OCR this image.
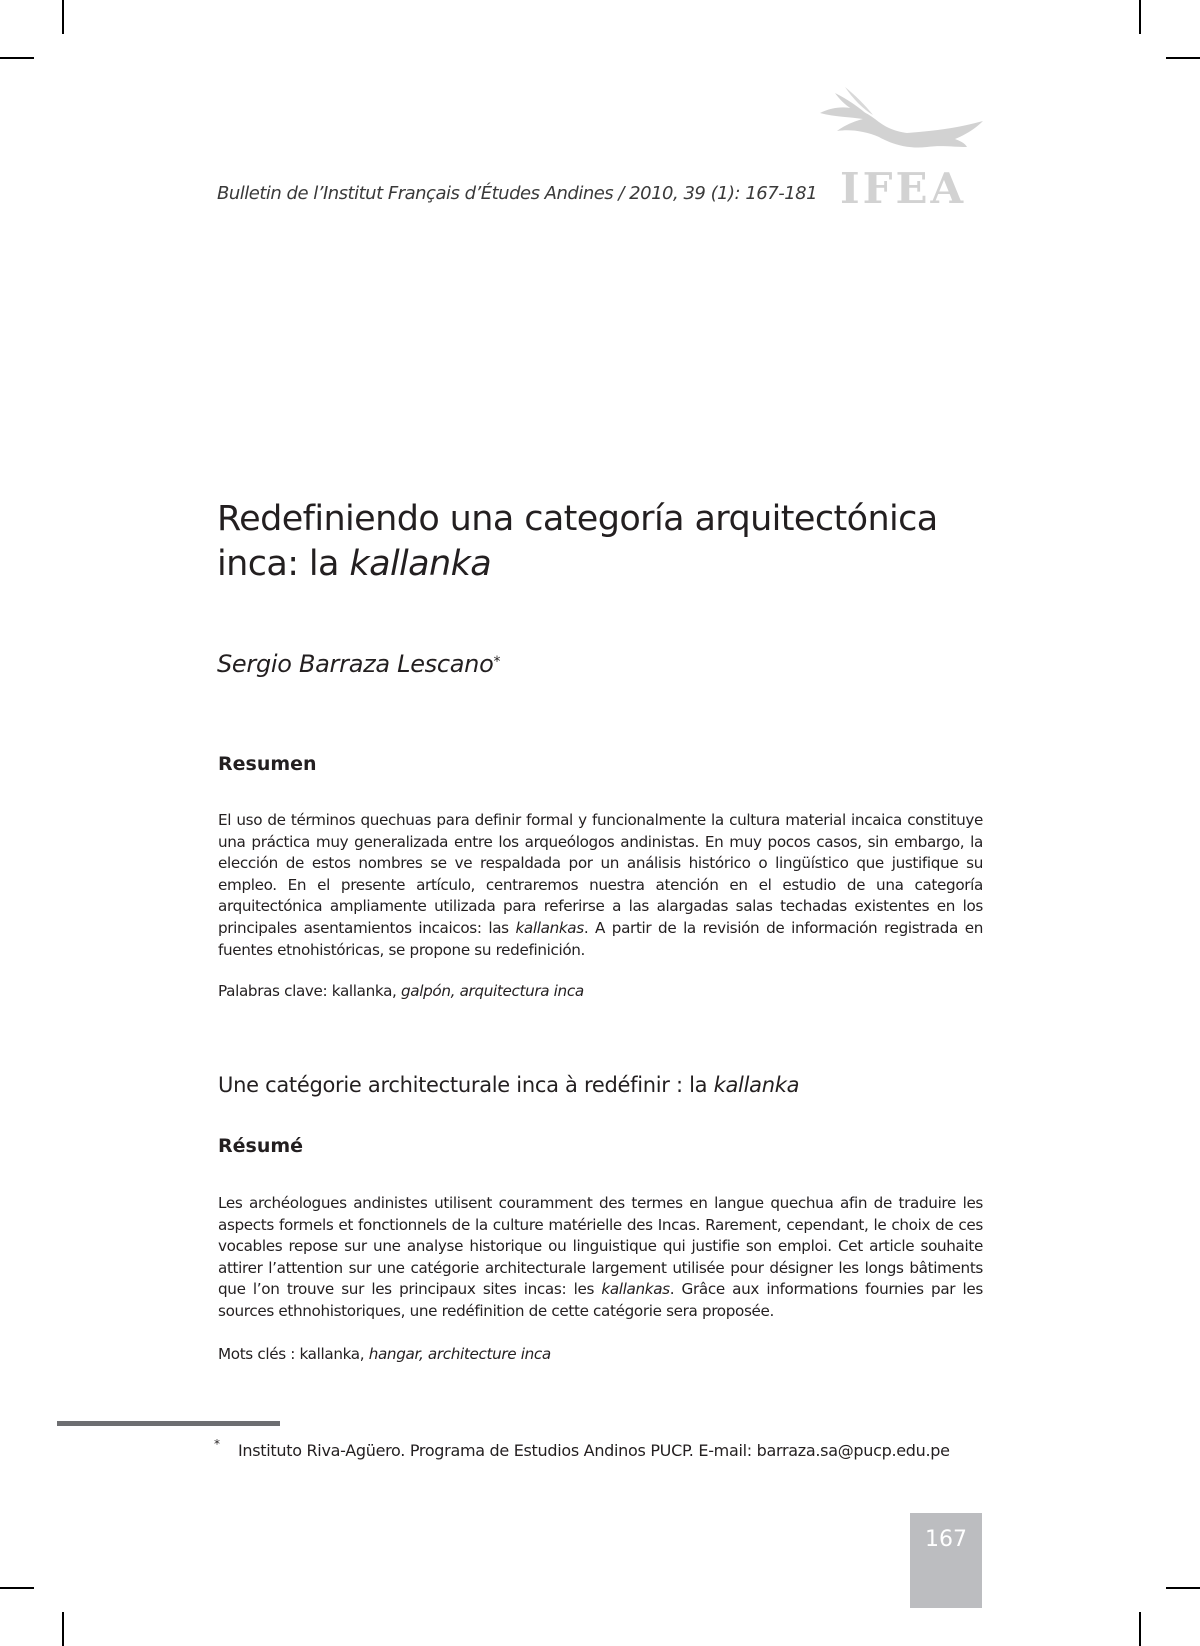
Bulletin de l’Institut Français d’Études Andines / 2010, 39 (1): 167-181 IFEA
Redefiniendo una categoría arquitectónica
inca: la kallanka
Sergio Barraza Lescano*
Resumen

El uso de términos quechuas para definir formal y funcionalmente la cultura material incaica constituye una práctica muy generalizada entre los arqueólogos andinistas. En muy pocos casos, sin embargo, la elección de estos nombres se ve respaldada por un análisis histórico o lingüístico que justifique su empleo. En el presente artículo, centraremos nuestra atención en el estudio de una categoría arquitectónica ampliamente utilizada para referirse a las alargadas salas techadas existentes en los principales asentamientos incaicos: las kallankas. A partir de la revisión de información registrada en fuentes etnohistóricas, se propone su redefinición.

Palabras clave: kallanka, galpón, arquitectura inca
Une catégorie architecturale inca à redéfinir : la kallanka
Résumé

Les archéologues andinistes utilisent couramment des termes en langue quechua afin de traduire les aspects formels et fonctionnels de la culture matérielle des Incas. Rarement, cependant, le choix de ces vocables repose sur une analyse historique ou linguistique qui justifie son emploi. Cet article souhaite attirer l’attention sur une catégorie architecturale largement utilisée pour désigner les longs bâtiments que l’on trouve sur les principaux sites incas: les kallankas. Grâce aux informations fournies par les sources ethnohistoriques, une redéfinition de cette catégorie sera proposée.

Mots clés : kallanka, hangar, architecture inca
* Instituto Riva-Agüero. Programa de Estudios Andinos PUCP. E-mail: barraza.sa@pucp.edu.pe
167
